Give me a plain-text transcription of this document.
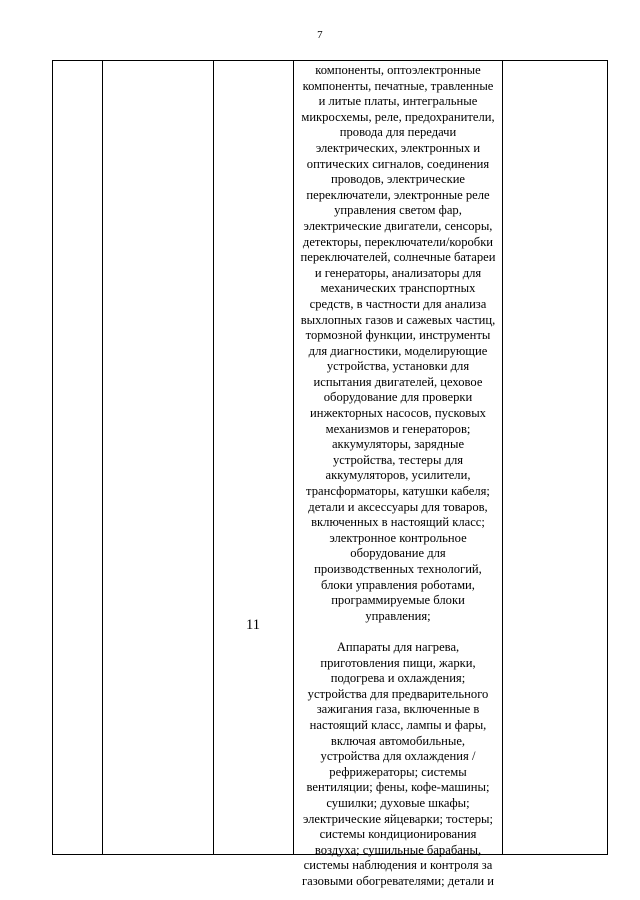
7
11
компоненты, оптоэлектронные
компоненты, печатные, травленные
и литые платы, интегральные
микросхемы, реле, предохранители,
провода для передачи
электрических, электронных и
оптических сигналов, соединения
проводов, электрические
переключатели, электронные реле
управления светом фар,
электрические двигатели, сенсоры,
детекторы, переключатели/коробки
переключателей, солнечные батареи
и генераторы, анализаторы для
механических транспортных
средств, в частности для анализа
выхлопных газов и сажевых частиц,
тормозной функции, инструменты
для диагностики, моделирующие
устройства, установки для
испытания двигателей, цеховое
оборудование для проверки
инжекторных насосов, пусковых
механизмов и генераторов;
аккумуляторы, зарядные
устройства, тестеры для
аккумуляторов, усилители,
трансформаторы, катушки кабеля;
детали и аксессуары для товаров,
включенных в настоящий класс;
электронное контрольное
оборудование для
производственных технологий,
блоки управления роботами,
программируемые блоки
управления;
Аппараты для нагрева,
приготовления пищи, жарки,
подогрева и охлаждения;
устройства для предварительного
зажигания газа, включенные в
настоящий класс, лампы и фары,
включая автомобильные,
устройства для охлаждения /
рефрижераторы; системы
вентиляции; фены, кофе-машины;
сушилки; духовые шкафы;
электрические яйцеварки; тостеры;
системы кондиционирования
воздуха; сушильные барабаны,
системы наблюдения и контроля за
газовыми обогревателями; детали и
